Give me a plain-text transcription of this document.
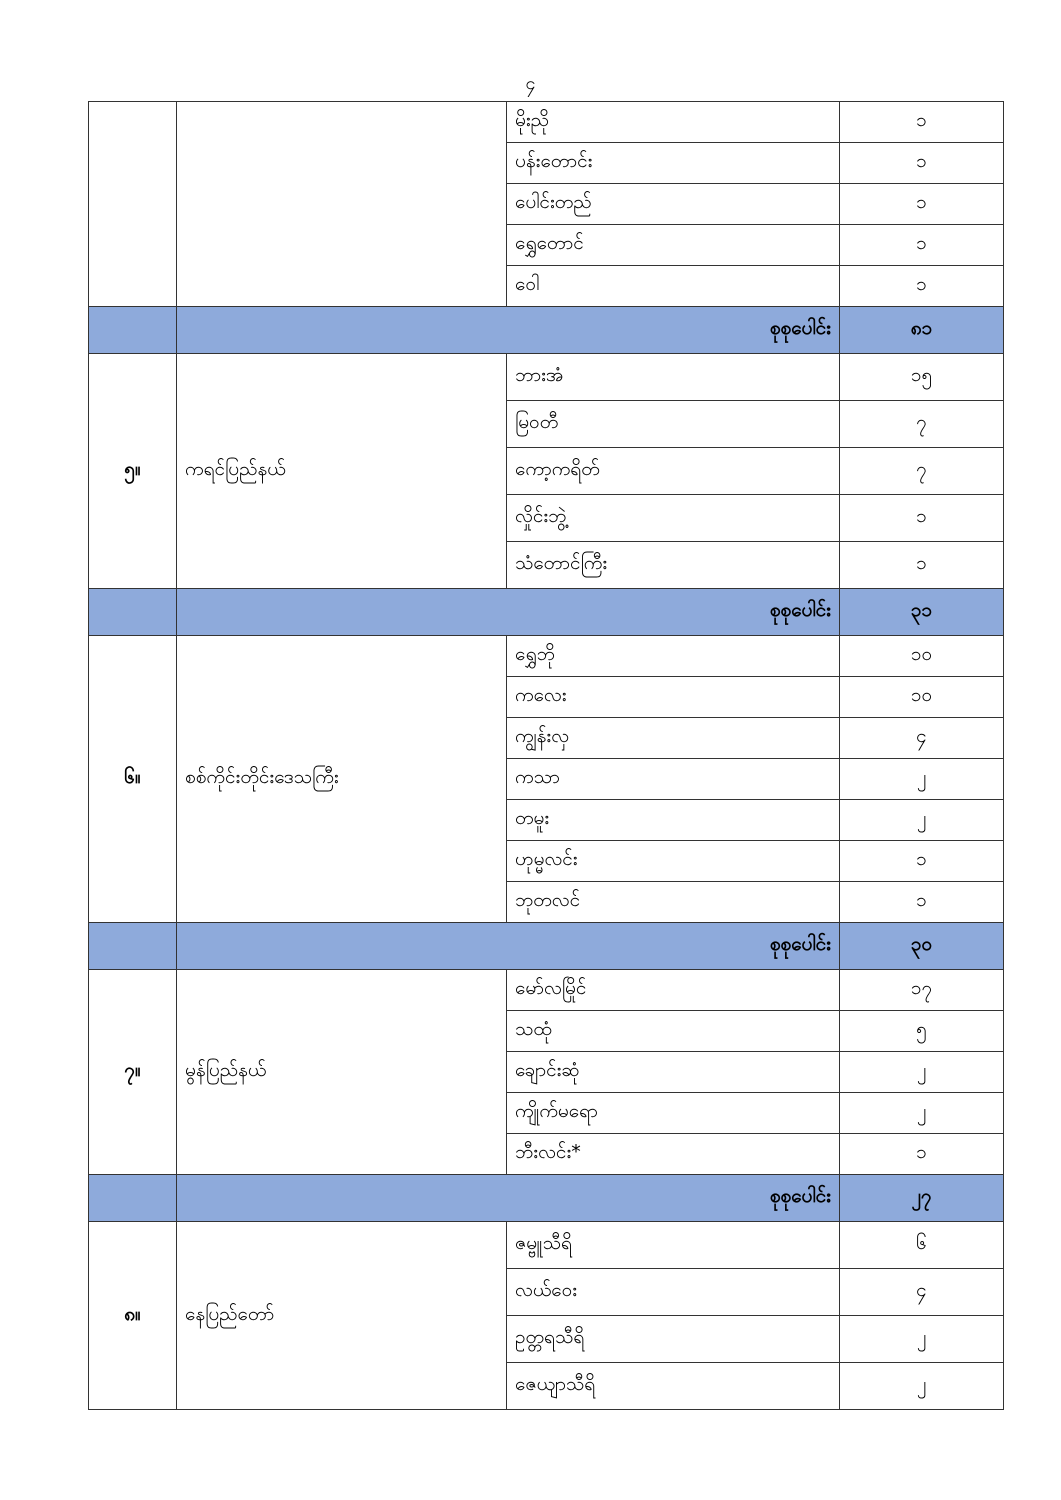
၄
		မိုးညို	၁
		ပန်းတောင်း	၁
		ပေါင်းတည်	၁
		ရွှေတောင်	၁
		ဝေါ	၁
	စုစုပေါင်း		၈၁
၅။	ကရင်ပြည်နယ်	ဘားအံ	၁၅
		မြဝတီ	၇
		ကော့ကရိတ်	၇
		လှိုင်းဘွဲ့	၁
		သံတောင်ကြီး	၁
	စုစုပေါင်း		၃၁
၆။	စစ်ကိုင်းတိုင်းဒေသကြီး	ရွှေဘို	၁၀
		ကလေး	၁၀
		ကျွန်းလှ	၄
		ကသာ	၂
		တမူး	၂
		ဟုမ္မလင်း	၁
		ဘုတလင်	၁
	စုစုပေါင်း		၃၀
၇။	မွန်ပြည်နယ်	မော်လမြိုင်	၁၇
		သထုံ	၅
		ချောင်းဆုံ	၂
		ကျိုက်မရော	၂
		ဘီးလင်း*	၁
	စုစုပေါင်း		၂၇
၈။	နေပြည်တော်	ဇမ္ဗူသီရိ	၆
		လယ်ဝေး	၄
		ဥတ္တရသီရိ	၂
		ဇေယျာသီရိ	၂
